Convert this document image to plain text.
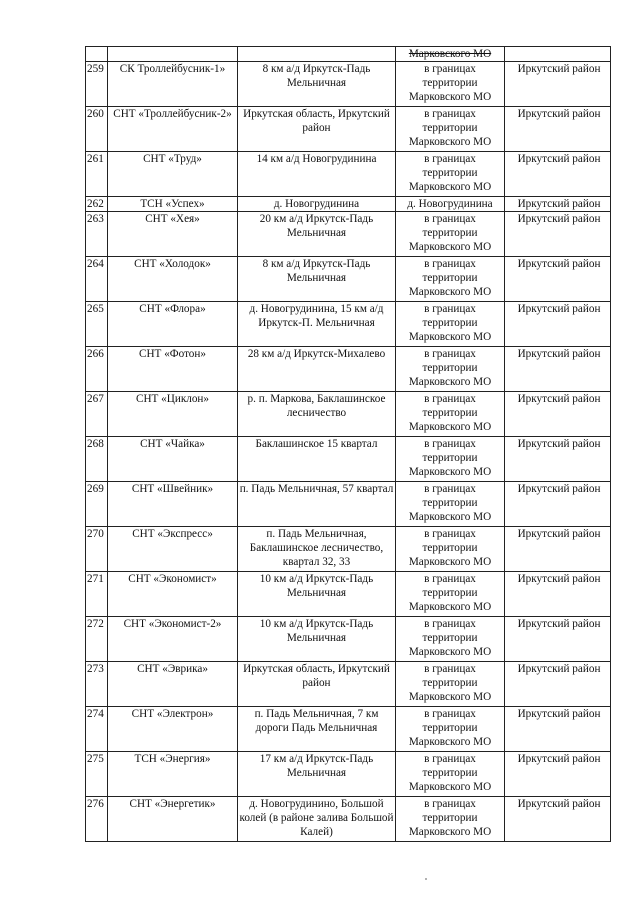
			Марковского МО	
259	СК Троллейбусник-1»	8 км а/д Иркутск-Падь Мельничная	в границах территории Марковского МО	Иркутский район
260	СНТ «Троллейбусник-2»	Иркутская область, Иркутский район	в границах территории Марковского МО	Иркутский район
261	СНТ «Труд»	14 км а/д Новогрудинина	в границах территории Марковского МО	Иркутский район
262	ТСН «Успех»	д. Новогрудинина	д. Новогрудинина	Иркутский район
263	СНТ «Хея»	20 км а/д Иркутск-Падь Мельничная	в границах территории Марковского МО	Иркутский район
264	СНТ «Холодок»	8 км а/д Иркутск-Падь Мельничная	в границах территории Марковского МО	Иркутский район
265	СНТ «Флора»	д. Новогрудинина, 15 км а/д Иркутск-П. Мельничная	в границах территории Марковского МО	Иркутский район
266	СНТ «Фотон»	28 км а/д Иркутск-Михалево	в границах территории Марковского МО	Иркутский район
267	СНТ «Циклон»	р. п. Маркова, Баклашинское лесничество	в границах территории Марковского МО	Иркутский район
268	СНТ «Чайка»	Баклашинское 15 квартал	в границах территории Марковского МО	Иркутский район
269	СНТ «Швейник»	п. Падь Мельничная, 57 квартал	в границах территории Марковского МО	Иркутский район
270	СНТ «Экспресс»	п. Падь Мельничная, Баклашинское лесничество, квартал 32, 33	в границах территории Марковского МО	Иркутский район
271	СНТ «Экономист»	10 км а/д Иркутск-Падь Мельничная	в границах территории Марковского МО	Иркутский район
272	СНТ «Экономист-2»	10 км а/д Иркутск-Падь Мельничная	в границах территории Марковского МО	Иркутский район
273	СНТ «Эврика»	Иркутская область, Иркутский район	в границах территории Марковского МО	Иркутский район
274	СНТ «Электрон»	п. Падь Мельничная, 7 км дороги Падь Мельничная	в границах территории Марковского МО	Иркутский район
275	ТСН «Энергия»	17 км а/д Иркутск-Падь Мельничная	в границах территории Марковского МО	Иркутский район
276	СНТ «Энергетик»	д. Новогрудинино, Большой колей (в районе залива Большой Калей)	в границах территории Марковского МО	Иркутский район
